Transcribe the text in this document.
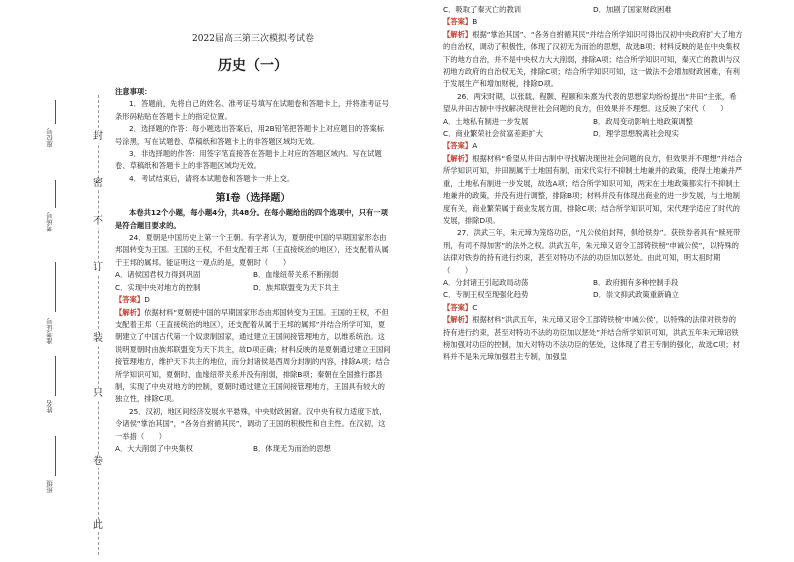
此
卷
只
装
订
不
密
封
座位号
考场号
准考证号
姓名
班级

2022届高三第三次模拟考试卷

历史（一）

注意事项：

1．答题前，先将自己的姓名、准考证号填写在试题卷和答题卡上，并将准考证号条形码粘贴在答题卡上的指定位置。

2．选择题的作答：每小题选出答案后，用2B铅笔把答题卡上对应题目的答案标号涂黑，写在试题卷、草稿纸和答题卡上的非答题区域均无效。

3．非选择题的作答：用签字笔直接答在答题卡上对应的答题区域内。写在试题卷、草稿纸和答题卡上的非答题区域均无效。

4．考试结束后，请将本试题卷和答题卡一并上交。

第Ⅰ卷（选择题）

本卷共12个小题，每小题4分，共48分。在每小题给出的四个选项中，只有一项是符合题目要求的。

24．夏朝是中国历史上第一个王朝。有学者认为，夏朝使中国的早期国家形态由邦国转变为王国。王国的王权，不但支配着王邦（王直接统治的地区），还支配着从属于王邦的属邦。能证明这一观点的是，夏朝时（　　）

A．诸侯国君权力得到巩固	B．血缘纽带关系不断削弱
C．实现中央对地方的控制	D．族邦联盟变为天下共主

【答案】D

【解析】依据材料“夏朝使中国的早期国家形态由邦国转变为王国。王国的王权，不但支配着王邦（王直接统治的地区），还支配着从属于王邦的属邦”并结合所学可知，夏朝建立了中国古代第一个奴隶制国家，通过建立王国间接管理地方，以维系统治。这说明夏朝时由族邦联盟变为天下共主，故D项正确；材料反映的是夏朝通过建立王国间接管理地方，维护天下共主的地位，而分封诸侯是西周分封制的内容，排除A项；结合所学知识可知，夏朝时，血缘纽带关系并没有削弱，排除B项；秦朝在全国推行郡县制，实现了中央对地方的控制，夏朝时通过建立王国间接管理地方，王国具有较大的独立性，排除C项。

25．汉初，地区间经济发展水平悬殊，中央财政困窘。汉中央有权力适度下放，令诸侯“掌治其国”，“各务自拊循其民”，调动了王国的积极性和自主性。在汉初，这一举措（　　）

A．大大削弱了中央集权	B．体现无为而治的思想
C．吸取了秦灭亡的教训	D．加剧了国家财政困难

【答案】B

【解析】根据“掌治其国”、“各务自拊循其民”并结合所学知识可得出汉初中央政府扩大了地方的自治权，调动了积极性，体现了汉初无为而治的思想，故选B项；材料反映的是在中央集权下的地方自治，并不是中央权力大大削弱，排除A项；结合所学知识可知，秦灭亡的教训与汉初地方政府的自治权无关，排除C项；结合所学知识可知，这一做法不会增加财政困难，有利于发展生产和增加财税，排除D项。

26．两宋时期，以张载、程颢、程颐和朱熹为代表的思想家均纷纷提出“井田”主张，希望从井田古制中寻找解决现世社会问题的良方，但效果并不理想。这反映了宋代（　　）

A．土地私有制进一步发展	B．政局变动影响土地政策调整
C．商业繁荣社会贫富差距扩大	D．理学思想脱离社会现实

【答案】A

【解析】根据材料“希望从井田古制中寻找解决现世社会问题的良方，但效果并不理想”并结合所学知识可知，井田制属于土地国有制，而宋代实行不抑制土地兼并的政策，使得土地兼并严重，土地私有制进一步发展，故选A项；结合所学知识可知，两宋在土地政策都实行不抑制土地兼并的政策，并没有进行调整，排除B项；材料并没有体现出商业的进一步发展，与土地制度有关，商业繁荣属于商业发展方面，排除C项；结合所学知识可知，宋代理学适应了时代的发展，排除D项。

27．洪武三年，朱元璋为笼络功臣，“凡公侯伯封拜，俱给铁券”。获铁券者具有“赎死带刑，有司不得加害”的法外之权。洪武五年，朱元璋又诏令工部铸铁榜“申诫公侯”，以特殊的法律对铁券的持有进行约束，甚至对特功不法的功臣加以惩处。由此可知，明太祖时期（　　）

A．分封诸王引起政局动荡	B．政府拥有多种控制手段
C．专制王权至现强化趋势	D．崇文抑武政策重新确立

【答案】C

【解析】根据材料“洪武五年，朱元璋又诏令工部铸铁榜‘申诫公侯’，以特殊的法律对铁券的持有进行约束，甚至对特功不法的功臣加以惩处”并结合所学知识可知，洪武五年朱元璋诏铁榜加强对功臣的控制，加大对特功不法功臣的惩处，这体现了君王专制的强化，故选C项；材料并不是朱元璋加强君主专制，加强皇
